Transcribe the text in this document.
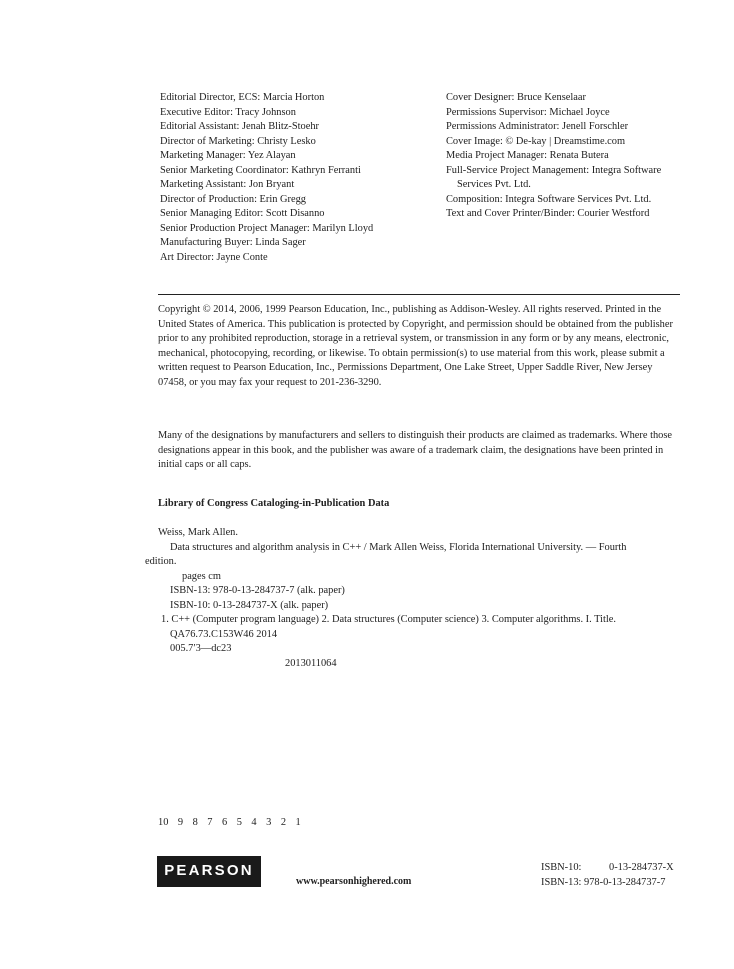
Editorial Director, ECS: Marcia Horton
Executive Editor: Tracy Johnson
Editorial Assistant: Jenah Blitz-Stoehr
Director of Marketing: Christy Lesko
Marketing Manager: Yez Alayan
Senior Marketing Coordinator: Kathryn Ferranti
Marketing Assistant: Jon Bryant
Director of Production: Erin Gregg
Senior Managing Editor: Scott Disanno
Senior Production Project Manager: Marilyn Lloyd
Manufacturing Buyer: Linda Sager
Art Director: Jayne Conte
Cover Designer: Bruce Kenselaar
Permissions Supervisor: Michael Joyce
Permissions Administrator: Jenell Forschler
Cover Image: © De-kay | Dreamstime.com
Media Project Manager: Renata Butera
Full-Service Project Management: Integra Software
Services Pvt. Ltd.
Composition: Integra Software Services Pvt. Ltd.
Text and Cover Printer/Binder: Courier Westford
Copyright © 2014, 2006, 1999 Pearson Education, Inc., publishing as Addison-Wesley. All rights reserved. Printed in the United States of America. This publication is protected by Copyright, and permission should be obtained from the publisher prior to any prohibited reproduction, storage in a retrieval system, or transmission in any form or by any means, electronic, mechanical, photocopying, recording, or likewise. To obtain permission(s) to use material from this work, please submit a written request to Pearson Education, Inc., Permissions Department, One Lake Street, Upper Saddle River, New Jersey 07458, or you may fax your request to 201-236-3290.
Many of the designations by manufacturers and sellers to distinguish their products are claimed as trademarks. Where those designations appear in this book, and the publisher was aware of a trademark claim, the designations have been printed in initial caps or all caps.
Library of Congress Cataloging-in-Publication Data
Weiss, Mark Allen.
Data structures and algorithm analysis in C++ / Mark Allen Weiss, Florida International University. — Fourth
edition.
pages cm
ISBN-13: 978-0-13-284737-7 (alk. paper)
ISBN-10: 0-13-284737-X (alk. paper)
1. C++ (Computer program language) 2. Data structures (Computer science) 3. Computer algorithms. I. Title.
QA76.73.C153W46 2014
005.7′3—dc23
2013011064
10 9 8 7 6 5 4 3 2 1
PEARSON
www.pearsonhighered.com
ISBN-10:	0-13-284737-X
ISBN-13: 978-0-13-284737-7
